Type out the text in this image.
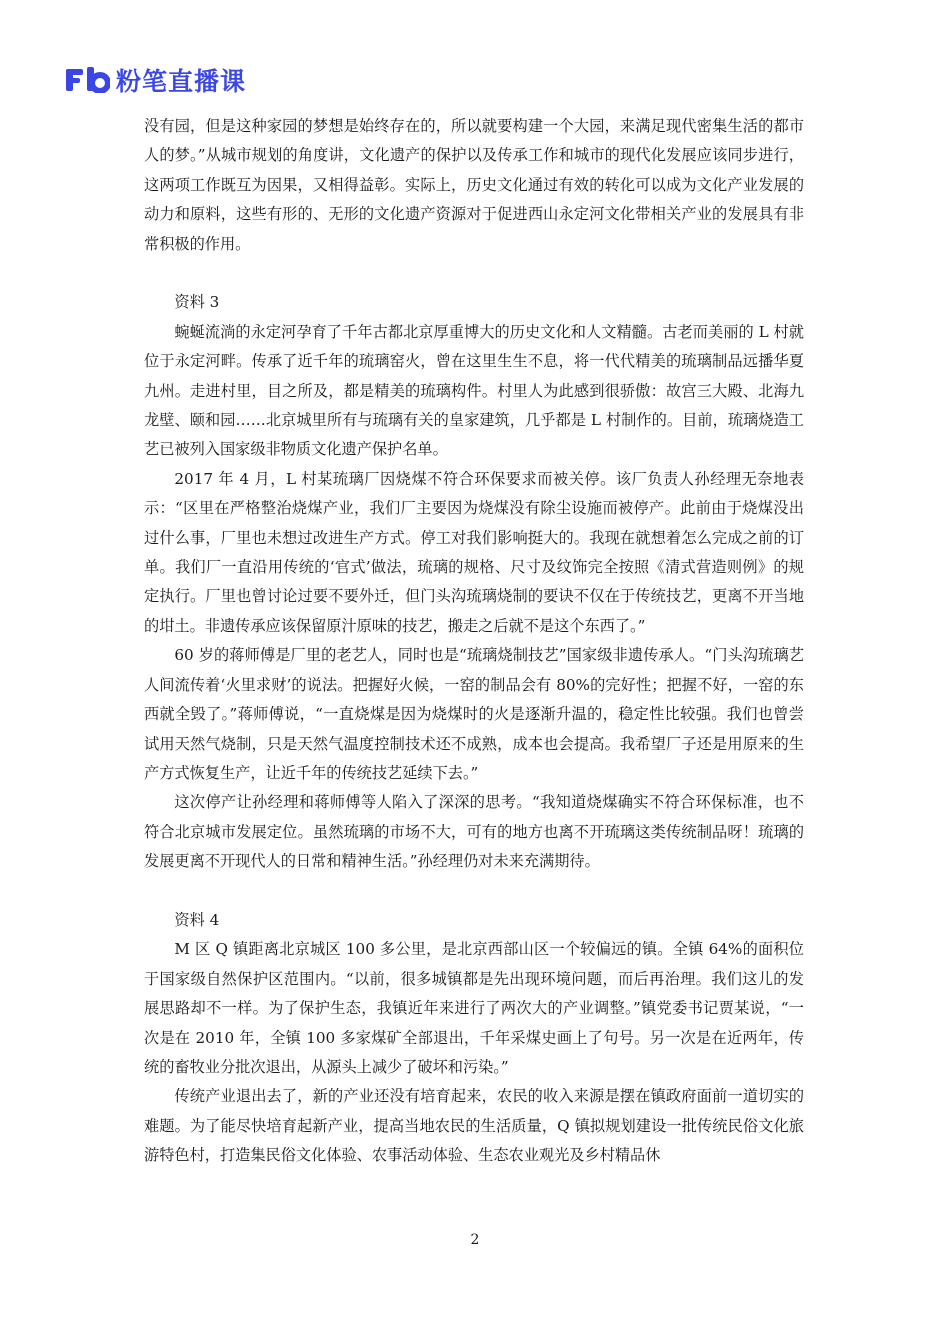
粉笔直播课

没有园，但是这种家园的梦想是始终存在的，所以就要构建一个大园，来满足现代密集生活的都市人的梦。”从城市规划的角度讲，文化遗产的保护以及传承工作和城市的现代化发展应该同步进行，这两项工作既互为因果，又相得益彰。实际上，历史文化通过有效的转化可以成为文化产业发展的动力和原料，这些有形的、无形的文化遗产资源对于促进西山永定河文化带相关产业的发展具有非常积极的作用。

资料 3

蜿蜒流淌的永定河孕育了千年古都北京厚重博大的历史文化和人文精髓。古老而美丽的 L 村就位于永定河畔。传承了近千年的琉璃窑火，曾在这里生生不息，将一代代精美的琉璃制品远播华夏九州。走进村里，目之所及，都是精美的琉璃构件。村里人为此感到很骄傲：故宫三大殿、北海九龙壁、颐和园……北京城里所有与琉璃有关的皇家建筑，几乎都是 L 村制作的。目前，琉璃烧造工艺已被列入国家级非物质文化遗产保护名单。

2017 年 4 月，L 村某琉璃厂因烧煤不符合环保要求而被关停。该厂负责人孙经理无奈地表示：“区里在严格整治烧煤产业，我们厂主要因为烧煤没有除尘设施而被停产。此前由于烧煤没出过什么事，厂里也未想过改进生产方式。停工对我们影响挺大的。我现在就想着怎么完成之前的订单。我们厂一直沿用传统的‘官式’做法，琉璃的规格、尺寸及纹饰完全按照《清式营造则例》的规定执行。厂里也曾讨论过要不要外迁，但门头沟琉璃烧制的要诀不仅在于传统技艺，更离不开当地的坩土。非遗传承应该保留原汁原味的技艺，搬走之后就不是这个东西了。”

60 岁的蒋师傅是厂里的老艺人，同时也是“琉璃烧制技艺”国家级非遗传承人。“门头沟琉璃艺人间流传着‘火里求财’的说法。把握好火候，一窑的制品会有 80%的完好性；把握不好，一窑的东西就全毁了。”蒋师傅说，“一直烧煤是因为烧煤时的火是逐渐升温的，稳定性比较强。我们也曾尝试用天然气烧制，只是天然气温度控制技术还不成熟，成本也会提高。我希望厂子还是用原来的生产方式恢复生产，让近千年的传统技艺延续下去。”

这次停产让孙经理和蒋师傅等人陷入了深深的思考。“我知道烧煤确实不符合环保标准，也不符合北京城市发展定位。虽然琉璃的市场不大，可有的地方也离不开琉璃这类传统制品呀！琉璃的发展更离不开现代人的日常和精神生活。”孙经理仍对未来充满期待。

资料 4

M 区 Q 镇距离北京城区 100 多公里，是北京西部山区一个较偏远的镇。全镇 64%的面积位于国家级自然保护区范围内。“以前，很多城镇都是先出现环境问题，而后再治理。我们这儿的发展思路却不一样。为了保护生态，我镇近年来进行了两次大的产业调整。”镇党委书记贾某说，“一次是在 2010 年，全镇 100 多家煤矿全部退出，千年采煤史画上了句号。另一次是在近两年，传统的畜牧业分批次退出，从源头上减少了破坏和污染。”

传统产业退出去了，新的产业还没有培育起来，农民的收入来源是摆在镇政府面前一道切实的难题。为了能尽快培育起新产业，提高当地农民的生活质量，Q 镇拟规划建设一批传统民俗文化旅游特色村，打造集民俗文化体验、农事活动体验、生态农业观光及乡村精品休

2
